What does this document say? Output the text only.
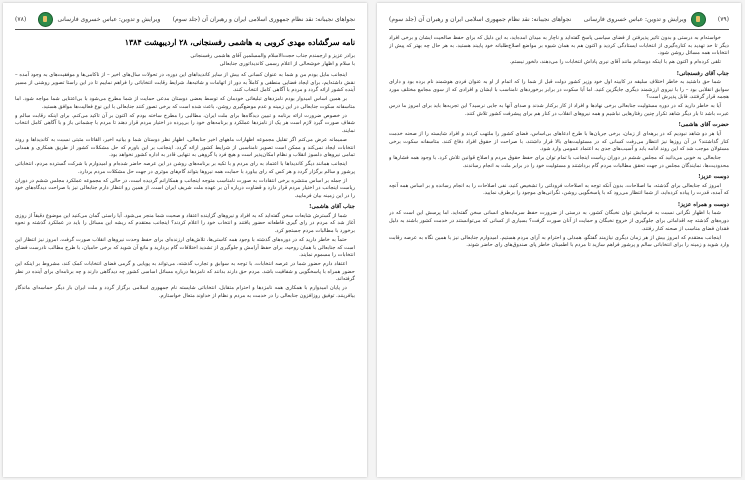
نجواهای نجیبانه: نقد نظام جمهوری اسلامی ایران و رهبران آن (جلد سوم)
ویرایش و تدوین: عباس خسروی فارسانی
(۷۸)
نامه سرگشاده مهدی کروبی به هاشمی رفسنجانی، ۲۸ اردیبهشت ۱۳۸۴

برادر عزیز و ارجمندم جناب حجت‌الاسلام والمسلمین آقای هاشمی رفسنجانی

با سلام و اظهار خوشحالی از اعلام رسمی کاندیداتوری جنابعالی

اینجانب مایل بودم من و شما به عنوان کسانی که بیش از سایر کاندیداهای این دوره، در تحولات سال‌های اخیر – از ناکامی‌ها و موفقیت‌های به وجود آمده – نقش داشته‌ایم، برای ایجاد فضایی منطقی و کاملاً به دور از اتهامات و شائبه‌ها، شرایط رقابت انتخاباتی را فراهم نماییم تا در این راستا تصویر روشنی از مسیر آینده کشور ارائه گردد و مردم با آگاهی کامل انتخاب کنند.

بر همین اساس امیدوار بودم نامزدهای تبلیغاتی خودمان که توسط بعضی دوستان مدعی حمایت از شما مطرح می‌شود با بی‌اعتنایی شما مواجه شود. اما متاسفانه سکوت جنابعالی در این زمینه و عدم موضع‌گیری روشن، باعث شده است که برخی تصور کنند جنابعالی با این نوع فعالیت‌ها موافق هستید.

در خصوص ضرورت ارائه برنامه و تبیین دیدگاه‌ها برای ملت ایران، مطالبی را مطرح ساخته بودم که اکنون بر آن تاکید می‌کنم. برای اینکه رقابت سالم و شفاف صورت گیرد لازم است هر یک از نامزدها عملکرد و برنامه‌های خود را بی‌پرده در اختیار مردم قرار دهند تا مردم با چشمانی باز و با آگاهی کامل انتخاب نمایند.

صمیمانه عرض می‌کنم اگر تقلیل مجموعه اظهارات ماههای اخیر جنابعالی، اظهار نظر دوستان شما و بیانیه اخیر، القائات مثبتی نسبت به کاندیداها و روند انتخابات ایجاد نمی‌کند و ممکن است تصویر نامناسبی از شرایط کشور ارائه گردد. اینجانب بر این باورم که حل مشکلات کشور از طریق همکاری و همدلی تمامی نیروهای دلسوز انقلاب و نظام امکان‌پذیر است و هیچ فرد یا گروهی به تنهایی قادر به اداره کشور نخواهد بود.

اینجانب همانند دیگر کاندیداها با اعتماد به رای مردم و با تکیه بر برنامه‌های روشن در این عرصه حاضر شده‌ام و امیدوارم با شرکت گسترده مردم، انتخاباتی پرشور و سالم برگزار گردد و هر کس که رای بیاورد با حمایت همه نیروها بتواند گام‌های موثری در جهت حل مشکلات مردم بردارد.

از جمله بر اساس منتشره برخی انتقادات به صورت نامناسب متوجه اینجانب و همکارانم گردیده است، در حالی که مجموعه عملکرد مجلس ششم در دوران ریاست اینجانب در اختیار مردم قرار دارد و قضاوت درباره آن بر عهده ملت شریف ایران است. از همین رو انتظار دارم جنابعالی نیز با صراحت دیدگاه‌های خود را در این زمینه بیان فرمایید.

جناب آقای هاشمی!

شما از گسترش شایعات سخن گفته‌اید که به افراد و نیروهای گزاینده اعتقاد و صحبت شما منجر می‌شود. آیا راستی گمان می‌کنید این موضوع دقیقاً از روزی آغاز شد که مردم در رای گیری قاطعانه حضور یافتند و انتخاب خود را اعلام کردند؟ اینجانب معتقدم که ریشه این مسائل را باید در عملکرد گذشته و نحوه برخورد با مطالبات مردم جستجو کرد.

حتماً به خاطر دارید که در دوره‌های گذشته با وجود همه کاستی‌ها، تلاش‌های ارزنده‌ای برای حفظ وحدت نیروهای انقلاب صورت گرفت. امروز نیز انتظار این است که جنابعالی با همان روحیه، برای حفظ آرامش و جلوگیری از تشدید اختلافات گام بردارید و مانع آن شوید که برخی حامیان، با طرح مطالب نادرست فضای انتخابات را مسموم نمایند.

اعتقاد دارم حضور شما در عرصه انتخابات، با توجه به سوابق و تجارب گذشته، می‌تواند به پویایی و گرمی فضای انتخابات کمک کند، مشروط بر اینکه این حضور همراه با پاسخگویی و شفافیت باشد. مردم حق دارند بدانند که نامزدها درباره مسائل اساسی کشور چه دیدگاهی دارند و چه برنامه‌ای برای آینده در نظر گرفته‌اند.

در پایان امیدوارم با همکاری همه نامزدها و احترام متقابل، انتخاباتی شایسته نام جمهوری اسلامی برگزار گردد و ملت ایران بار دیگر حماسه‌ای ماندگار بیافرینند. توفیق روزافزون جنابعالی را در خدمت به مردم و نظام از خداوند متعال خواستارم.

(۷۹)
ویرایش و تدوین: عباس خسروی فارسانی
نجواهای نجیبانه: نقد نظام جمهوری اسلامی ایران و رهبران آن (جلد سوم)

خواسته‌ام به درستی و بدون تاثیر پذیرفتن از فضای سیاسی پاسخ گفته‌اید و ناچار به میدان آمده‌اید، به این دلیل که برای حفظ صالحیت ایشان و برخی افراد دیگر تا حد تهدید به کناره‌گیری از انتخابات ایستادگی کردید و اکنون هم به همان شیوه بر مواضع اصلاح‌طلبانه خود پایبند هستید. به هر حال چه بهتر که پیش از انتخابات همه مسائل روشن شود.

تلقی کرده‌ام و اکنون هم با اینکه دوستانم مانند آقای نیری پاداش انتخابات را می‌دهند، دلخور نیستم.

جناب آقای رفسنجانی!

شما حق داشتید به خاطر اختلاف سلیقه در کابینه اول خود وزیر کشور دولت قبل از شما را که اتمام از او به عنوان فردی هوشمند نام برده بود و دارای سوابق انقلابی بود – را با نیروی ارزشمند دیگری جایگزین کنید. اما آیا سکوت در برابر برخوردهای نامناسب با ایشان و افرادی که از سوی مجامع مختلف مورد هجمه قرار گرفتند، قابل پذیرش است؟

آیا به خاطر دارید که در دوره مسئولیت جنابعالی برخی نهادها و افراد از کار برکنار شدند و صدای آنها به جایی نرسید؟ این تجربه‌ها باید برای امروز ما درس عبرت باشد تا بار دیگر شاهد تکرار چنین رفتارهایی نباشیم و همه نیروهای انقلاب در کنار هم برای پیشرفت کشور تلاش کنند.

حضرت آقای هاشمی!

آیا هر دو شاهد نبودیم که در برهه‌ای از زمان، برخی جریان‌ها با طرح ادعاهای بی‌اساس، فضای کشور را ملتهب کردند و افراد شایسته را از صحنه خدمت کنار گذاشتند؟ در آن روزها نیز انتظار می‌رفت کسانی که در مسئولیت‌های بالا قرار داشتند، با صراحت از حقوق افراد دفاع کنند. متاسفانه سکوت برخی مسئولان موجب شد که این روند ادامه یابد و آسیب‌های جدی به اعتماد عمومی وارد شود.

جنابعالی به خوبی می‌دانید که مجلس ششم در دوران ریاست اینجانب با تمام توان برای حفظ حقوق مردم و اصلاح قوانین تلاش کرد. با وجود همه فشارها و محدودیت‌ها، نمایندگان مجلس در جهت تحقق مطالبات مردم گام برداشتند و مسئولیت خود را در برابر ملت به انجام رساندند.

دوست عزیز!

امروز که جنابعالی برای گذشته، ما اصلاحات، بدون آنکه توجه به اصلاحات فرودلتی را تشخیص کنید، نفی اصلاحات را به انجام رسانده و بر اساس همه آنچه که آمده، قدرت را پیاده کرده‌اید، از شما انتظار می‌رود که با پاسخگویی روشن، نگرانی‌های موجود را برطرف نمایید.

دوست و همراه عزیز!

شما با اظهار نگرانی نسبت به فرسایش توان نخبگان کشور، به درستی از ضرورت حفظ سرمایه‌های انسانی سخن گفته‌اید. اما پرسش این است که در دوره‌های گذشته چه اقداماتی برای جلوگیری از خروج نخبگان و حمایت از آنان صورت گرفت؟ بسیاری از کسانی که می‌توانستند در خدمت کشور باشند به دلیل فقدان فضای مناسب از صحنه کنار رفتند.

اینجانب معتقدم که امروز بیش از هر زمان دیگری نیازمند گفتگو، همدلی و احترام به آرای مردم هستیم. امیدوارم جنابعالی نیز با همین نگاه به عرصه رقابت وارد شوید و زمینه را برای انتخاباتی سالم و پرشور فراهم سازید تا مردم با اطمینان خاطر پای صندوق‌های رای حاضر شوند.
